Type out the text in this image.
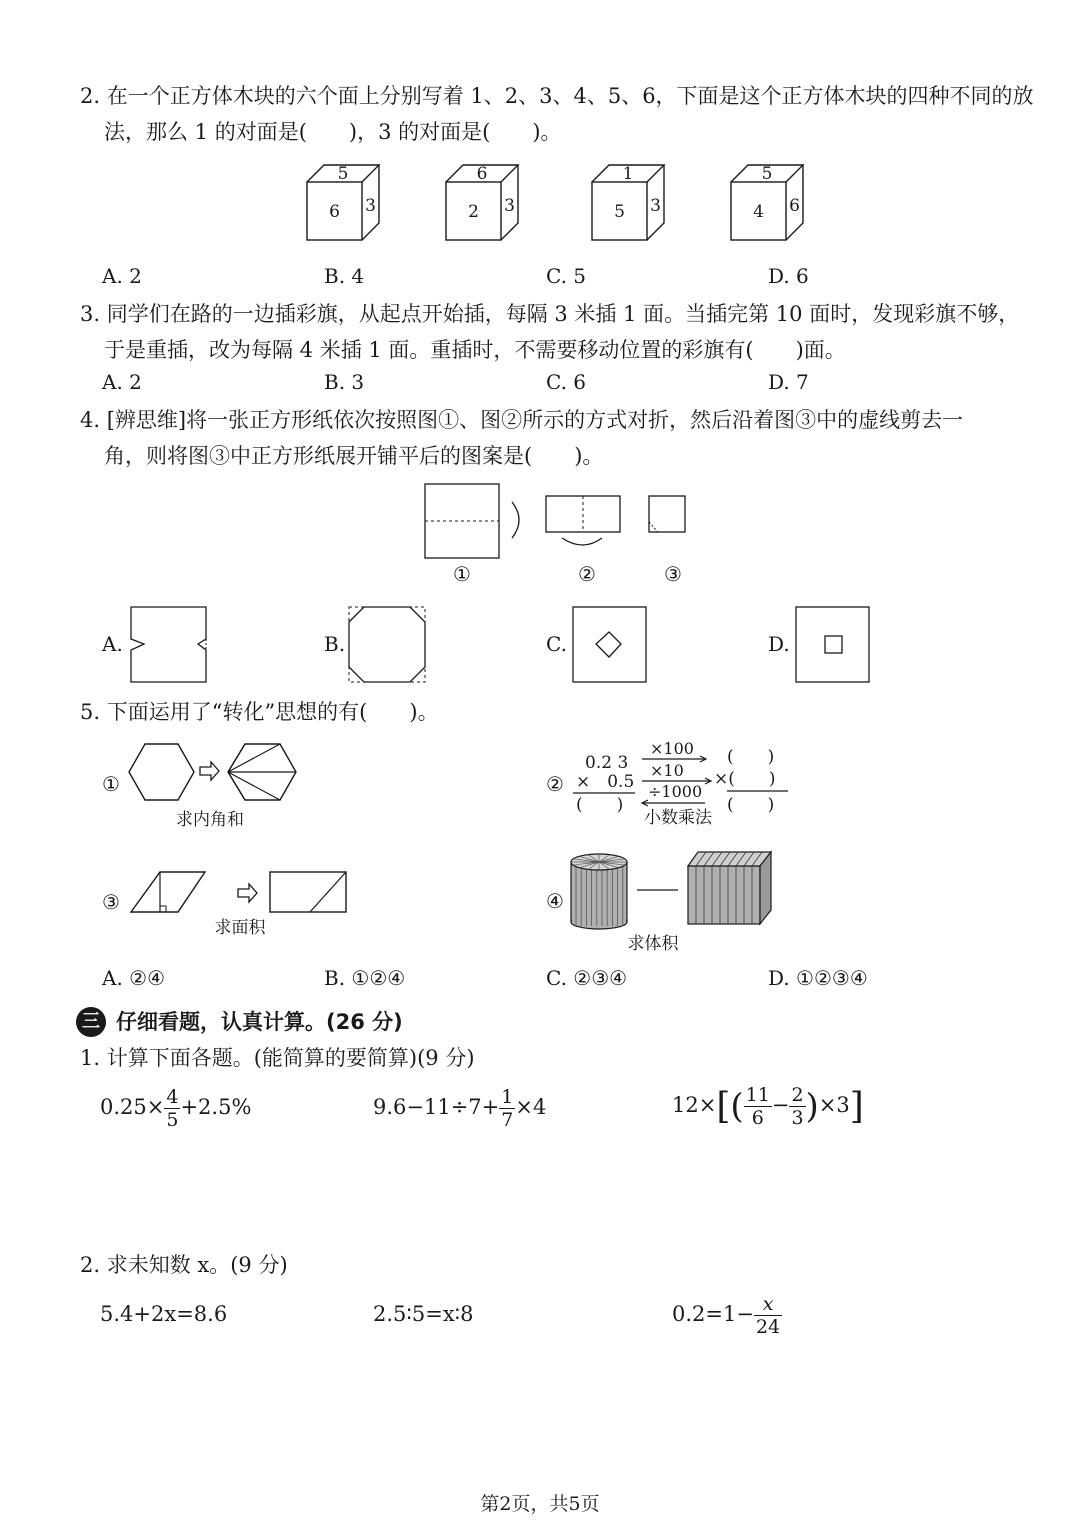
2. 在一个正方体木块的六个面上分别写着 1、2、3、4、5、6，下面是这个正方体木块的四种不同的放
法，那么 1 的对面是(　　)，3 的对面是(　　)。
5
6 3
6
2 3
1
5 3
5
4 6
A. 2	B. 4	C. 5	D. 6
3. 同学们在路的一边插彩旗，从起点开始插，每隔 3 米插 1 面。当插完第 10 面时，发现彩旗不够，
于是重插，改为每隔 4 米插 1 面。重插时，不需要移动位置的彩旗有(　　)面。
A. 2	B. 3	C. 6	D. 7
4. [辨思维]将一张正方形纸依次按照图①、图②所示的方式对折，然后沿着图③中的虚线剪去一
角，则将图③中正方形纸展开铺平后的图案是(　　)。
①	②	③
A.	B.	C.	D.
5. 下面运用了“转化”思想的有(　　)。
①
求内角和
②
0.2 3
×　0.5
(　　)
×100
×10
÷1000
(　　)
×(　　)
(　　)
小数乘法
③
求面积
④
求体积
A. ②④	B. ①②④	C. ②③④	D. ①②③④
三 仔细看题，认真计算。(26 分)
1. 计算下面各题。(能简算的要简算)(9 分)
$0.25\times \frac{4}{5} +2.5\%$	$9.6-11\div 7+ \frac{1}{7} \times 4$	$12\times[( \frac{11}{6} - \frac{2}{3} )\times 3]$
2. 求未知数 x。(9 分)
5.4+2x=8.6	2.5∶5=x∶8	$0.2=1- \frac{x}{24}$
第2页，共5页
